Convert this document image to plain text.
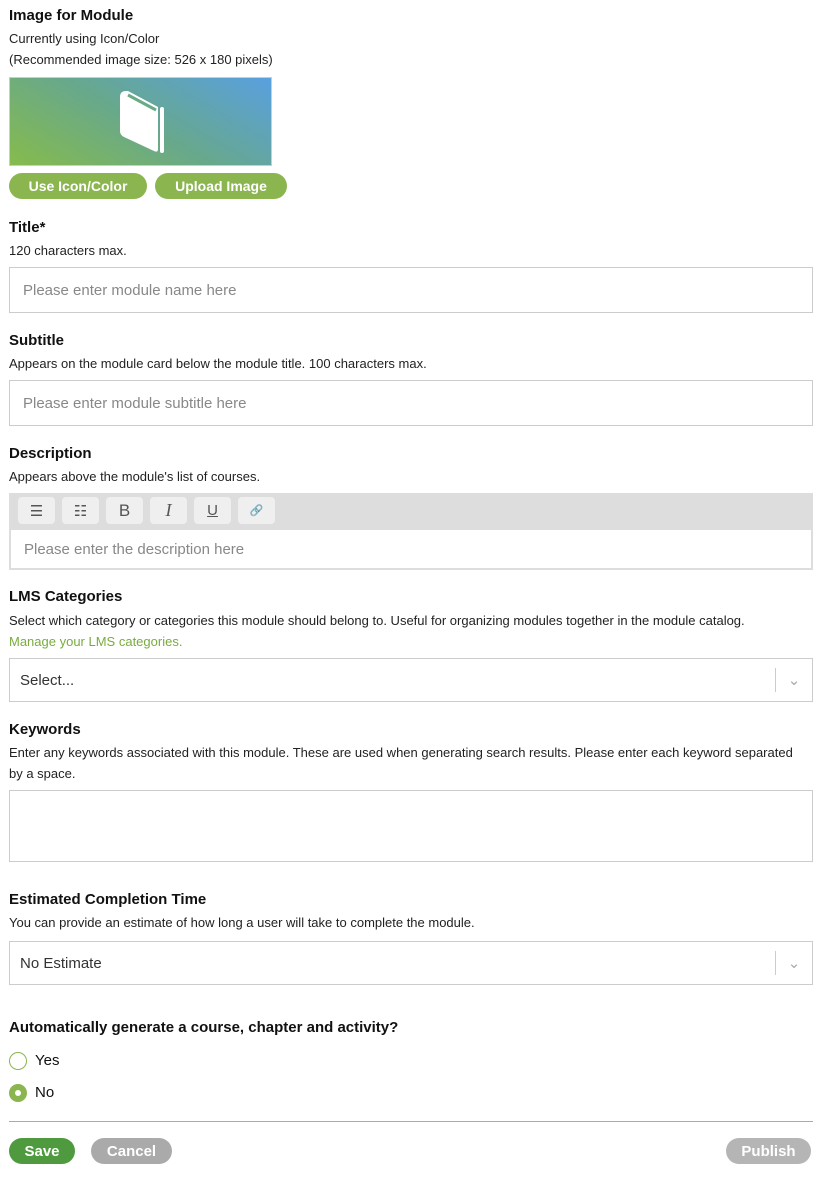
Image for Module
Currently using Icon/Color
(Recommended image size: 526 x 180 pixels)
Use Icon/Color	Upload Image
Title*
120 characters max.
Please enter module name here
Subtitle
Appears on the module card below the module title. 100 characters max.
Please enter module subtitle here
Description
Appears above the module's list of courses.
☰	☷	B	I	U	🔗
Please enter the description here
LMS Categories
Select which category or categories this module should belong to. Useful for organizing modules together in the module catalog.
Manage your LMS categories.
Select...	⌄
Keywords
Enter any keywords associated with this module. These are used when generating search results. Please enter each keyword separated by a space.
Estimated Completion Time
You can provide an estimate of how long a user will take to complete the module.
No Estimate	⌄
Automatically generate a course, chapter and activity?
Yes
No
Save	Cancel	Publish
